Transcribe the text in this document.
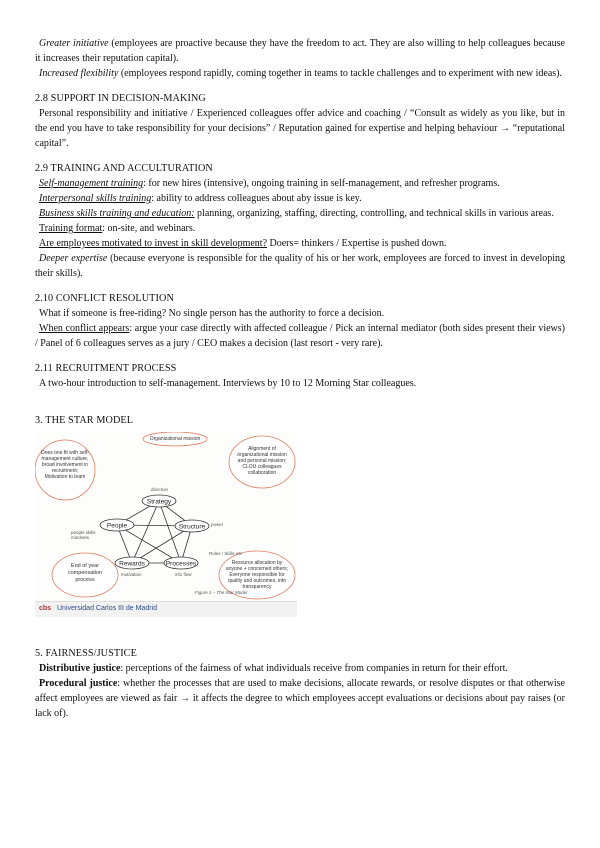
Greater initiative (employees are proactive because they have the freedom to act. They are also willing to help colleagues because it increases their reputation capital).

Increased flexibility (employees respond rapidly, coming together in teams to tackle challenges and to experiment with new ideas).

2.8 SUPPORT IN DECISION-MAKING

Personal responsibility and initiative / Experienced colleagues offer advice and coaching / “Consult as widely as you like, but in the end you have to take responsibility for your decisions” / Reputation gained for expertise and helping behaviour → “reputational capital”.

2.9 TRAINING AND ACCULTURATION

Self-management training: for new hires (intensive), ongoing training in self-management, and refresher programs.

Interpersonal skills training: ability to address colleagues about aby issue is key.

Business skills training and education: planning, organizing, staffing, directing, controlling, and technical skills in various areas.

Training format: on-site, and webinars.

Are employees motivated to invest in skill development? Doers= thinkers / Expertise is pushed down.

Deeper expertise (because everyone is responsible for the quality of his or her work, employees are forced to invest in developing their skills).

2.10 CONFLICT RESOLUTION

What if someone is free-riding? No single person has the authority to force a decision.

When conflict appears: argue your case directly with affected colleague / Pick an internal mediator (both sides present their views) / Panel of 6 colleagues serves as a jury / CEO makes a decision (last resort - very rare).

2.11 RECRUITMENT PROCESS

A two-hour introduction to self-management. Interviews by 10 to 12 Morning Star colleagues.

3. THE STAR MODEL
Strategy
People	Structure
Rewards	Processes
Organizational mission
Does one fit with self-management culture, broad involvement in recruitment; Motivation to learn
Alignment of organizational mission and personal mission; CLOU colleagues collaboration
End of year compensation process
Resource allocation by anyone + concerned others; Everyone responsible for quality and outcomes, info transparency
direction
people skills mindsets
power
Roles / Skills etc
motivation	info flow
Figure 1 – The Star Model
cbs Universidad Carlos III de Madrid
5. FAIRNESS/JUSTICE

Distributive justice: perceptions of the fairness of what individuals receive from companies in return for their effort.

Procedural justice: whether the processes that are used to make decisions, allocate rewards, or resolve disputes or that otherwise affect employees are viewed as fair → it affects the degree to which employees accept evaluations or decisions about pay raises (or lack of).
